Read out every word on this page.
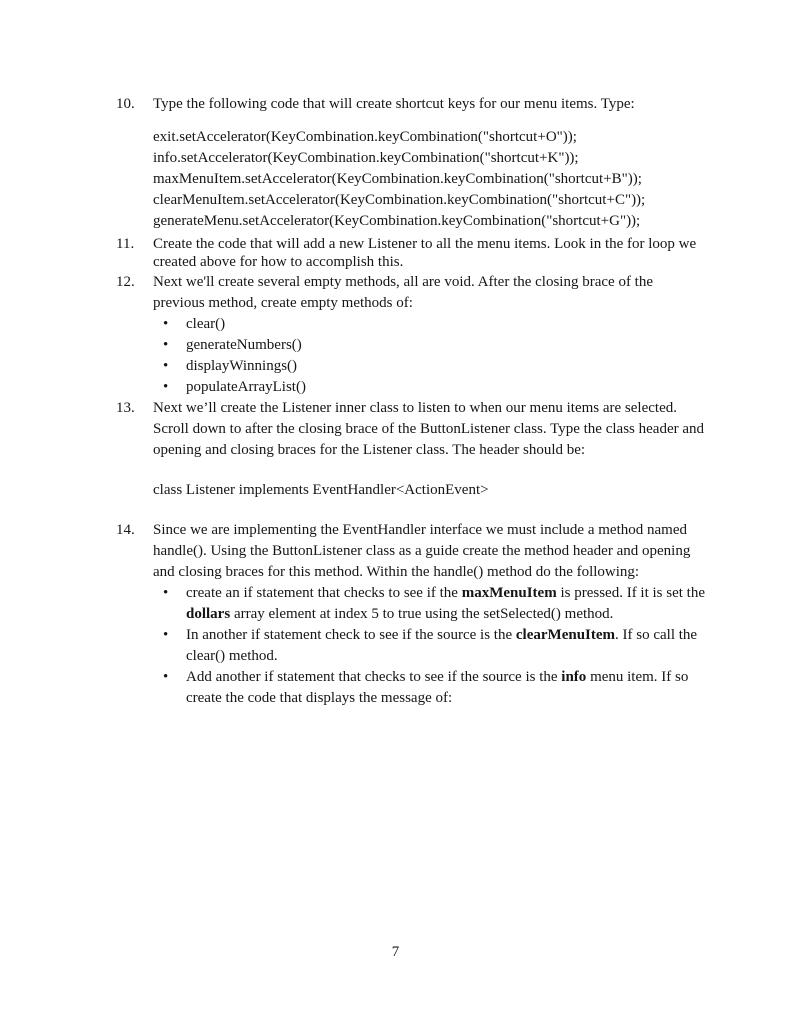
10.	Type the following code that will create shortcut keys for our menu items. Type:

exit.setAccelerator(KeyCombination.keyCombination("shortcut+O"));
info.setAccelerator(KeyCombination.keyCombination("shortcut+K"));
maxMenuItem.setAccelerator(KeyCombination.keyCombination("shortcut+B"));
clearMenuItem.setAccelerator(KeyCombination.keyCombination("shortcut+C"));
generateMenu.setAccelerator(KeyCombination.keyCombination("shortcut+G"));
11.	Create the code that will add a new Listener to all the menu items. Look in the for loop we created above for how to accomplish this.

12.	Next we'll create several empty methods, all are void. After the closing brace of the previous method, create empty methods of:

• clear()
• generateNumbers()
• displayWinnings()
• populateArrayList()
13.	Next we’ll create the Listener inner class to listen to when our menu items are selected. Scroll down to after the closing brace of the ButtonListener class. Type the class header and opening and closing braces for the Listener class. The header should be:

class Listener implements EventHandler<ActionEvent>
14.	Since we are implementing the EventHandler interface we must include a method named handle(). Using the ButtonListener class as a guide create the method header and opening and closing braces for this method. Within the handle() method do the following:

• create an if statement that checks to see if the maxMenuItem is pressed. If it is set the dollars array element at index 5 to true using the setSelected() method.
• In another if statement check to see if the source is the clearMenuItem. If so call the clear() method.
• Add another if statement that checks to see if the source is the info menu item. If so create the code that displays the message of:
7
